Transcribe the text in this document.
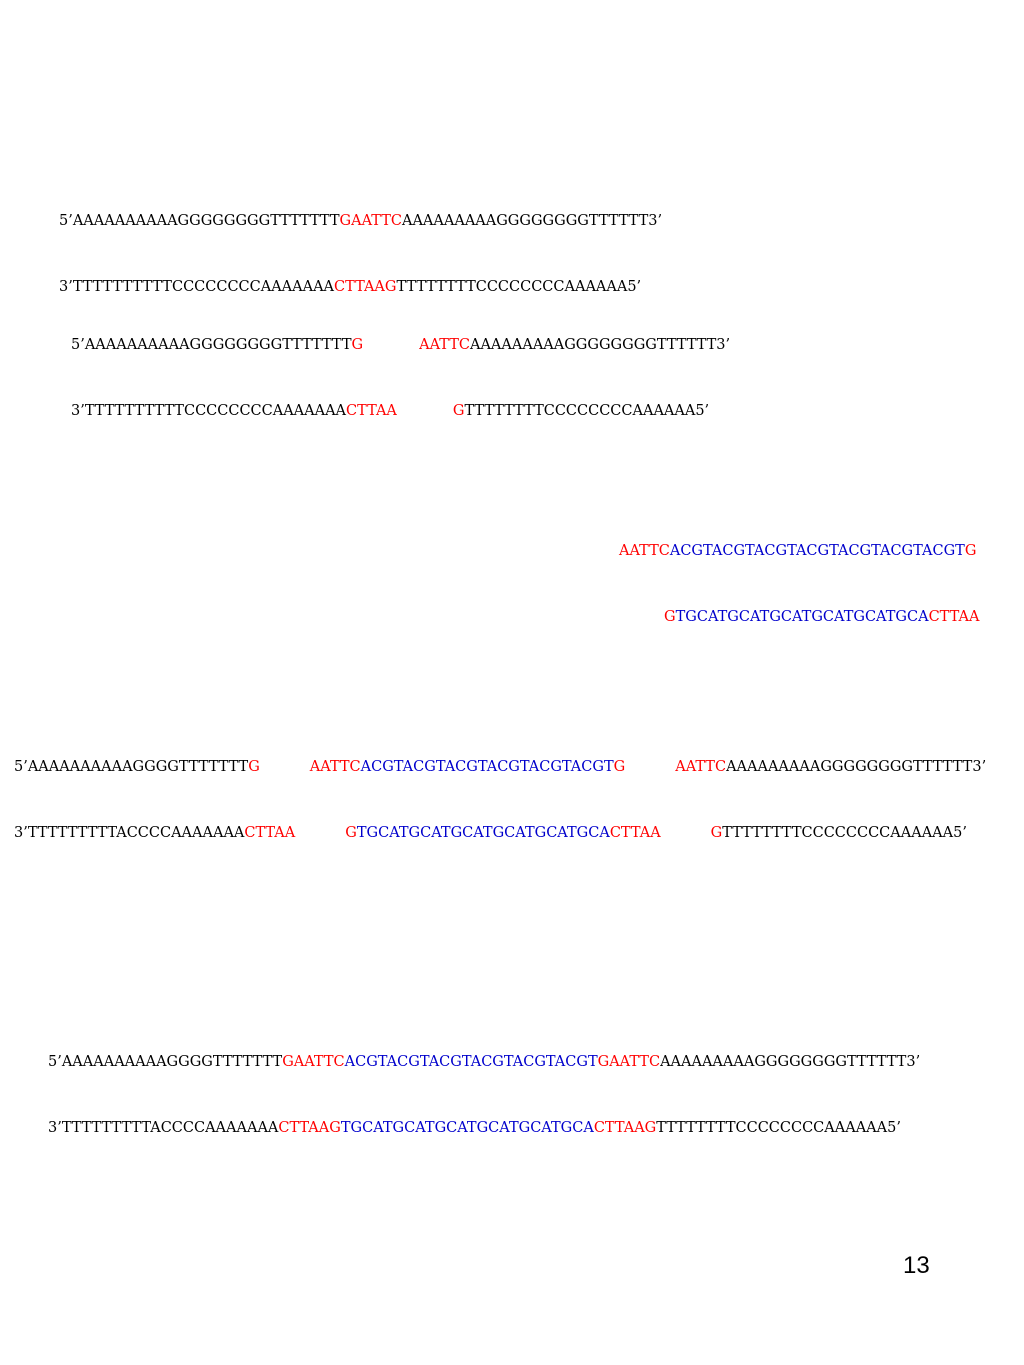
5’AAAAAAAAAAGGGGGGGGTTTTTTTGAATTCAAAAAAAAAGGGGGGGGTTTTTT3’

3’TTTTTTTTTTCCCCCCCCAAAAAAACTTAAGTTTTTTTTCCCCCCCCAAAAAA5’

5’AAAAAAAAAAGGGGGGGGTTTTTTTG	AATTCAAAAAAAAAGGGGGGGGTTTTTT3’

3’TTTTTTTTTTCCCCCCCCAAAAAAACTTAA	GTTTTTTTTCCCCCCCCAAAAAA5’

AATTCACGTACGTACGTACGTACGTACGTACGTG

GTGCATGCATGCATGCATGCATGCACTTAA

5’AAAAAAAAAAGGGGTTTTTTTG	AATTCACGTACGTACGTACGTACGTACGTG	AATTCAAAAAAAAAGGGGGGGGTTTTTT3’

3’TTTTTTTTTACCCCAAAAAAACTTAA	GTGCATGCATGCATGCATGCATGCACTTAA	GTTTTTTTTCCCCCCCCAAAAAA5’

5’AAAAAAAAAAGGGGTTTTTTTGAATTCACGTACGTACGTACGTACGTACGTGAATTCAAAAAAAAAGGGGGGGGTTTTTT3’

3’TTTTTTTTTACCCCAAAAAAACTTAAGTGCATGCATGCATGCATGCATGCACTTAAGTTTTTTTTCCCCCCCCAAAAAA5’

13
